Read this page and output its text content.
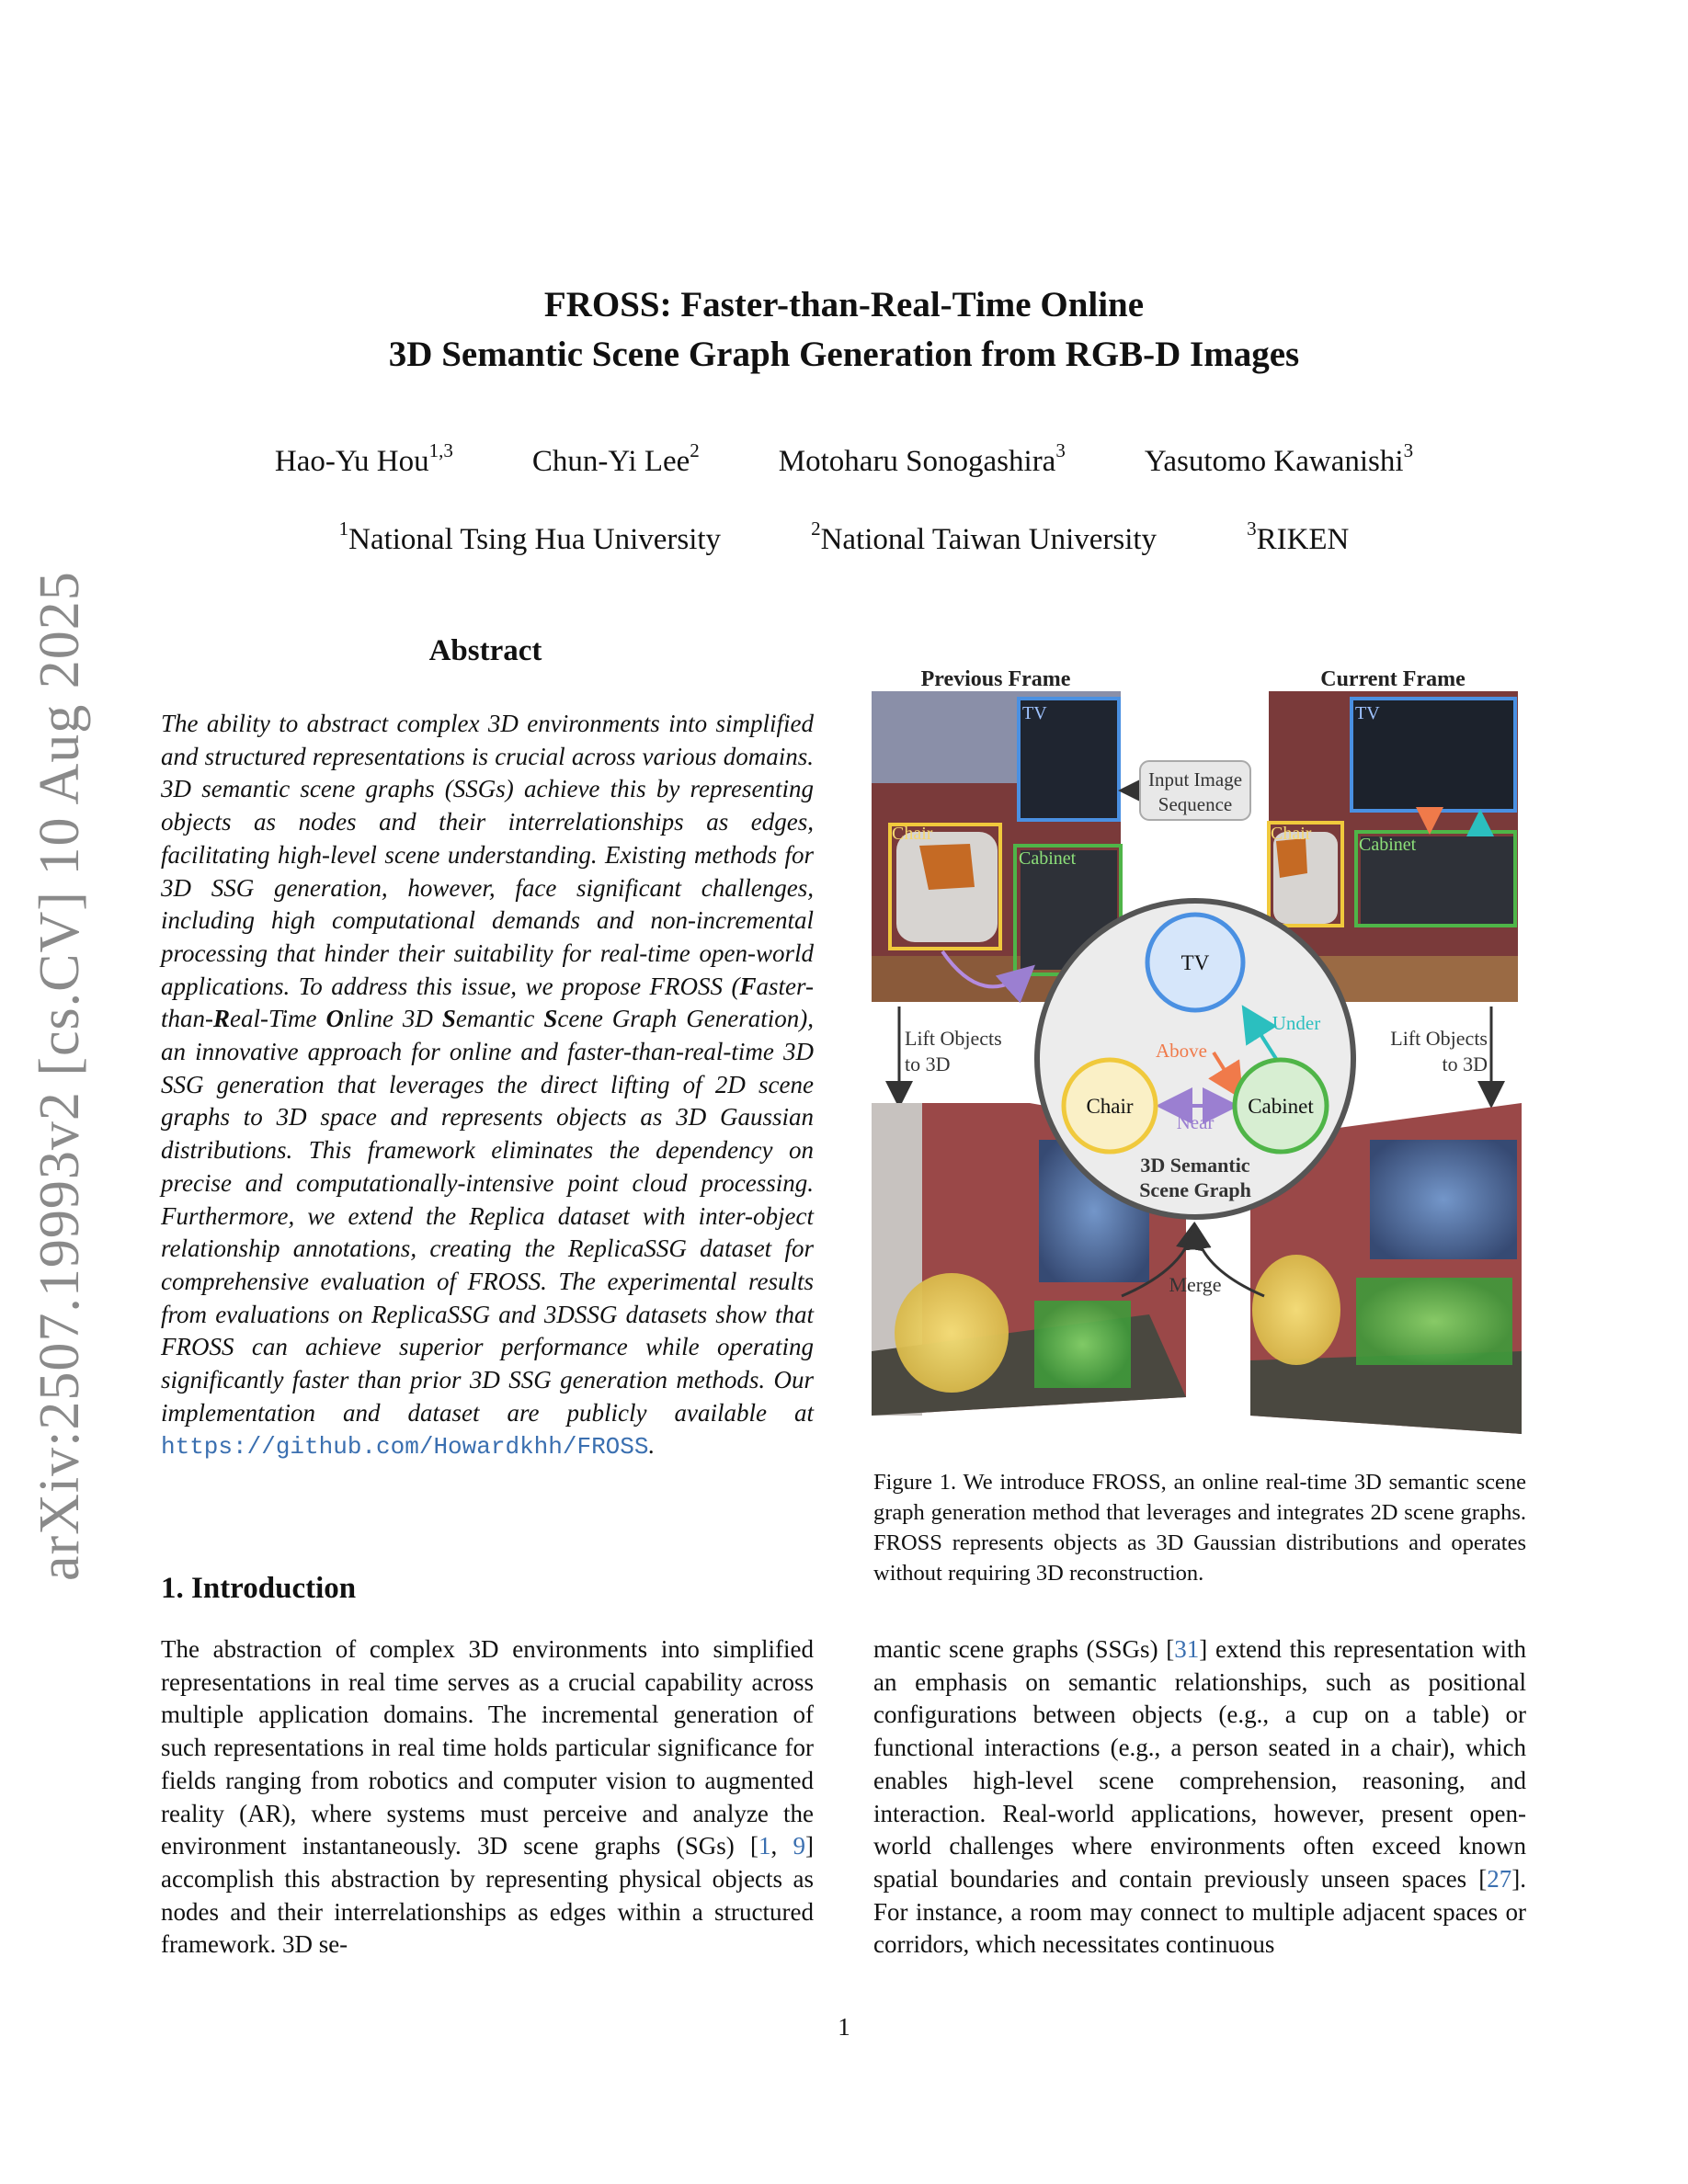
FROSS: Faster-than-Real-Time Online
3D Semantic Scene Graph Generation from RGB-D Images
Hao-Yu Hou$^{1,3}$	Chun-Yi Lee$^2$	Motoharu Sonogashira$^3$	Yasutomo Kawanishi$^3$
$^1$National Tsing Hua University	$^2$National Taiwan University	$^3$RIKEN
arXiv:2507.19993v2 [cs.CV] 10 Aug 2025	Abstract
The ability to abstract complex 3D environments into simplified and structured representations is crucial across various domains. 3D semantic scene graphs (SSGs) achieve this by representing objects as nodes and their interrelationships as edges, facilitating high-level scene understanding. Existing methods for 3D SSG generation, however, face significant challenges, including high computational demands and non-incremental processing that hinder their suitability for real-time open-world applications. To address this issue, we propose FROSS (Faster-than-Real-Time Online 3D Semantic Scene Graph Generation), an innovative approach for online and faster-than-real-time 3D SSG generation that leverages the direct lifting of 2D scene graphs to 3D space and represents objects as 3D Gaussian distributions. This framework eliminates the dependency on precise and computationally-intensive point cloud processing. Furthermore, we extend the Replica dataset with inter-object relationship annotations, creating the ReplicaSSG dataset for comprehensive evaluation of FROSS. The experimental results from evaluations on ReplicaSSG and 3DSSG datasets show that FROSS can achieve superior performance while operating significantly faster than prior 3D SSG generation methods. Our implementation and dataset are publicly available at https://github.com/Howardkhh/FROSS.
1. Introduction
The abstraction of complex 3D environments into simplified representations in real time serves as a crucial capability across multiple application domains. The incremental generation of such representations in real time holds particular significance for fields ranging from robotics and computer vision to augmented reality (AR), where systems must perceive and analyze the environment instantaneously. 3D scene graphs (SGs) [1, 9] accomplish this abstraction by representing physical objects as nodes and their interrelationships as edges within a structured framework. 3D se-
mantic scene graphs (SSGs) [31] extend this representation with an emphasis on semantic relationships, such as positional configurations between objects (e.g., a cup on a table) or functional interactions (e.g., a person seated in a chair), which enables high-level scene comprehension, reasoning, and interaction. Real-world applications, however, present open-world challenges where environments often exceed known spatial boundaries and contain previously unseen spaces [27]. For instance, a room may connect to multiple adjacent spaces or corridors, which necessitates continuous
Previous Frame	Current Frame
TV
Chair
Cabinet
TV
Chair
Cabinet
Input Image
Sequence
Lift Objects
to 3D
Lift Objects
to 3D
Merge
TV
Chair	Cabinet
Above
Under
Near
3D Semantic
Scene Graph
Figure 1. We introduce FROSS, an online real-time 3D semantic scene graph generation method that leverages and integrates 2D scene graphs. FROSS represents objects as 3D Gaussian distributions and operates without requiring 3D reconstruction.
1
